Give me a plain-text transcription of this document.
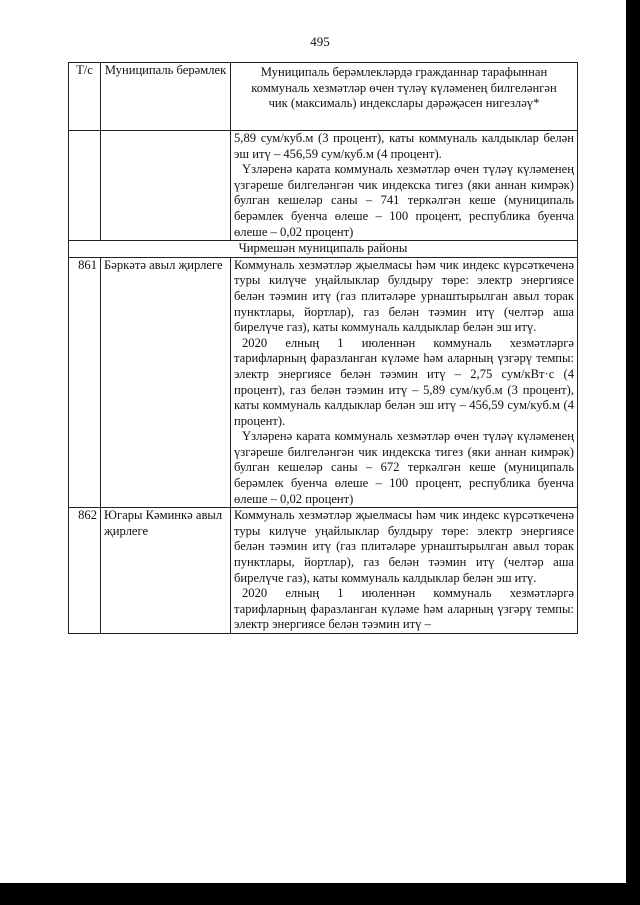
495
Т/с	Муниципаль берәмлек	Муниципаль берәмлекләрдә гражданнар тарафыннан коммуналь хезмәтләр өчен түләү күләменең билгеләнгән чик (максималь) индекслары дәрәҗәсен нигезләү*

		5,89 сум/куб.м (3 процент), каты коммуналь калдыклар белән эш итү – 456,59 сум/куб.м (4 процент).

Үзләренә карата коммуналь хезмәтләр өчен түләү күләменең үзгәреше билгеләнгән чик индекска тигез (яки аннан кимрәк) булган кешеләр саны – 741 теркәлгән кеше (муниципаль берәмлек буенча өлеше – 100 процент, республика буенча өлеше – 0,02 процент)

Чирмешән муниципаль районы		
861	Бәркәтә авыл җирлеге	Коммуналь хезмәтләр җыелмасы һәм чик индекс күрсәткеченә туры килүче уңайлыклар булдыру төре: электр энергиясе белән тәэмин итү (газ плитәләре урнаштырылган авыл торак пунктлары, йортлар), газ белән тәэмин итү (челтәр аша бирелүче газ), каты коммуналь калдыклар белән эш итү.

2020 елның 1 июленнән коммуналь хезмәтләргә тарифларның фаразланган күләме һәм аларның үзгәрү темпы: электр энергиясе белән тәэмин итү – 2,75 сум/кВт·с (4 процент), газ белән тәэмин итү – 5,89 сум/куб.м (3 процент), каты коммуналь калдыклар белән эш итү – 456,59 сум/куб.м (4 процент).

Үзләренә карата коммуналь хезмәтләр өчен түләү күләменең үзгәреше билгеләнгән чик индекска тигез (яки аннан кимрәк) булган кешеләр саны – 672 теркәлгән кеше (муниципаль берәмлек буенча өлеше – 100 процент, республика буенча өлеше – 0,02 процент)

862	Югары Кәминкә авыл җирлеге	Коммуналь хезмәтләр җыелмасы һәм чик индекс күрсәткеченә туры килүче уңайлыклар булдыру төре: электр энергиясе белән тәэмин итү (газ плитәләре урнаштырылган авыл торак пунктлары, йортлар), газ белән тәэмин итү (челтәр аша бирелүче газ), каты коммуналь калдыклар белән эш итү.

2020 елның 1 июленнән коммуналь хезмәтләргә тарифларның фаразланган күләме һәм аларның үзгәрү темпы: электр энергиясе белән тәэмин итү –
